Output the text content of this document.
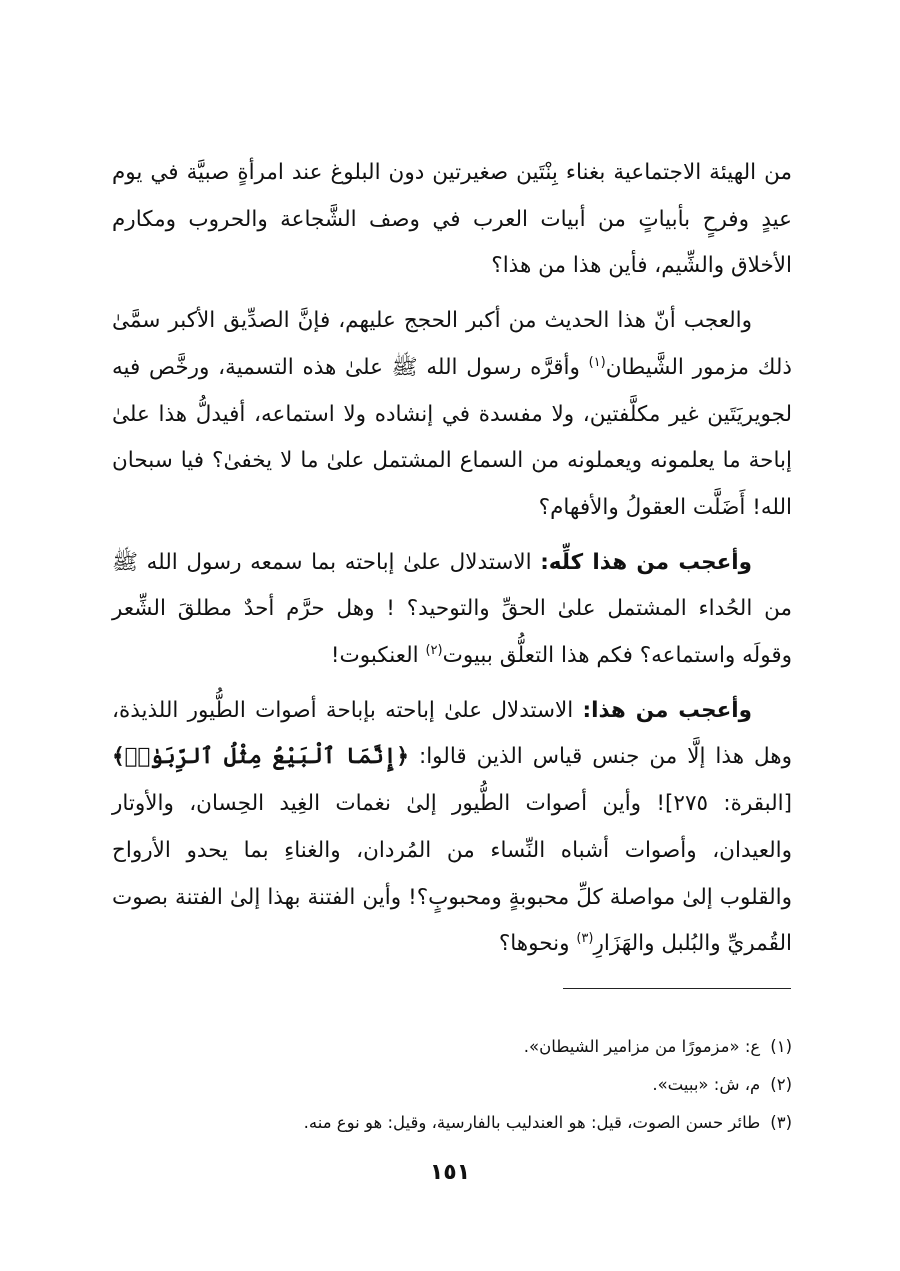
من الهيئة الاجتماعية بغناء بِنْتَين صغيرتين دون البلوغ عند امرأةٍ صبيَّة في يوم عيدٍ وفرحٍ بأبياتٍ من أبيات العرب في وصف الشَّجاعة والحروب ومكارم الأخلاق والشِّيم، فأين هذا من هذا؟

والعجب أنّ هذا الحديث من أكبر الحجج عليهم، فإنَّ الصدِّيق الأكبر سمَّىٰ ذلك مزمور الشَّيطان$^{(١)}$ وأقرَّه رسول الله ﷺ علىٰ هذه التسمية، ورخَّص فيه لجويريَتَين غير مكلَّفتين، ولا مفسدة في إنشاده ولا استماعه، أفيدلُّ هذا علىٰ إباحة ما يعلمونه ويعملونه من السماع المشتمل علىٰ ما لا يخفىٰ؟ فيا سبحان الله! أَضَلَّت العقولُ والأفهام؟

وأعجب من هذا كلِّه: الاستدلال علىٰ إباحته بما سمعه رسول الله ﷺ من الحُداء المشتمل علىٰ الحقِّ والتوحيد؟ ! وهل حرَّم أحدٌ مطلقَ الشِّعر وقولَه واستماعه؟ فكم هذا التعلُّق ببيوت$^{(٢)}$ العنكبوت!

وأعجب من هذا: الاستدلال علىٰ إباحته بإباحة أصوات الطُّيور اللذيذة، وهل هذا إلَّا من جنس قياس الذين قالوا: ﴿إِنَّمَا ٱلْبَيْعُ مِثْلُ ٱلرِّبَوٰا۟﴾ [البقرة: ٢٧٥]! وأين أصوات الطُّيور إلىٰ نغمات الغِيد الحِسان، والأوتار والعيدان، وأصوات أشباه النِّساء من المُردان، والغناءِ بما يحدو الأرواح والقلوب إلىٰ مواصلة كلِّ محبوبةٍ ومحبوبٍ؟! وأين الفتنة بهذا إلىٰ الفتنة بصوت القُمريِّ والبُلبل والهَزَارِ$^{(٣)}$ ونحوها؟

(١)ع: «مزمورًا من مزامير الشيطان».
(٢)م، ش: «ببيت».
(٣)طائر حسن الصوت، قيل: هو العندليب بالفارسية، وقيل: هو نوع منه.
١٥١
